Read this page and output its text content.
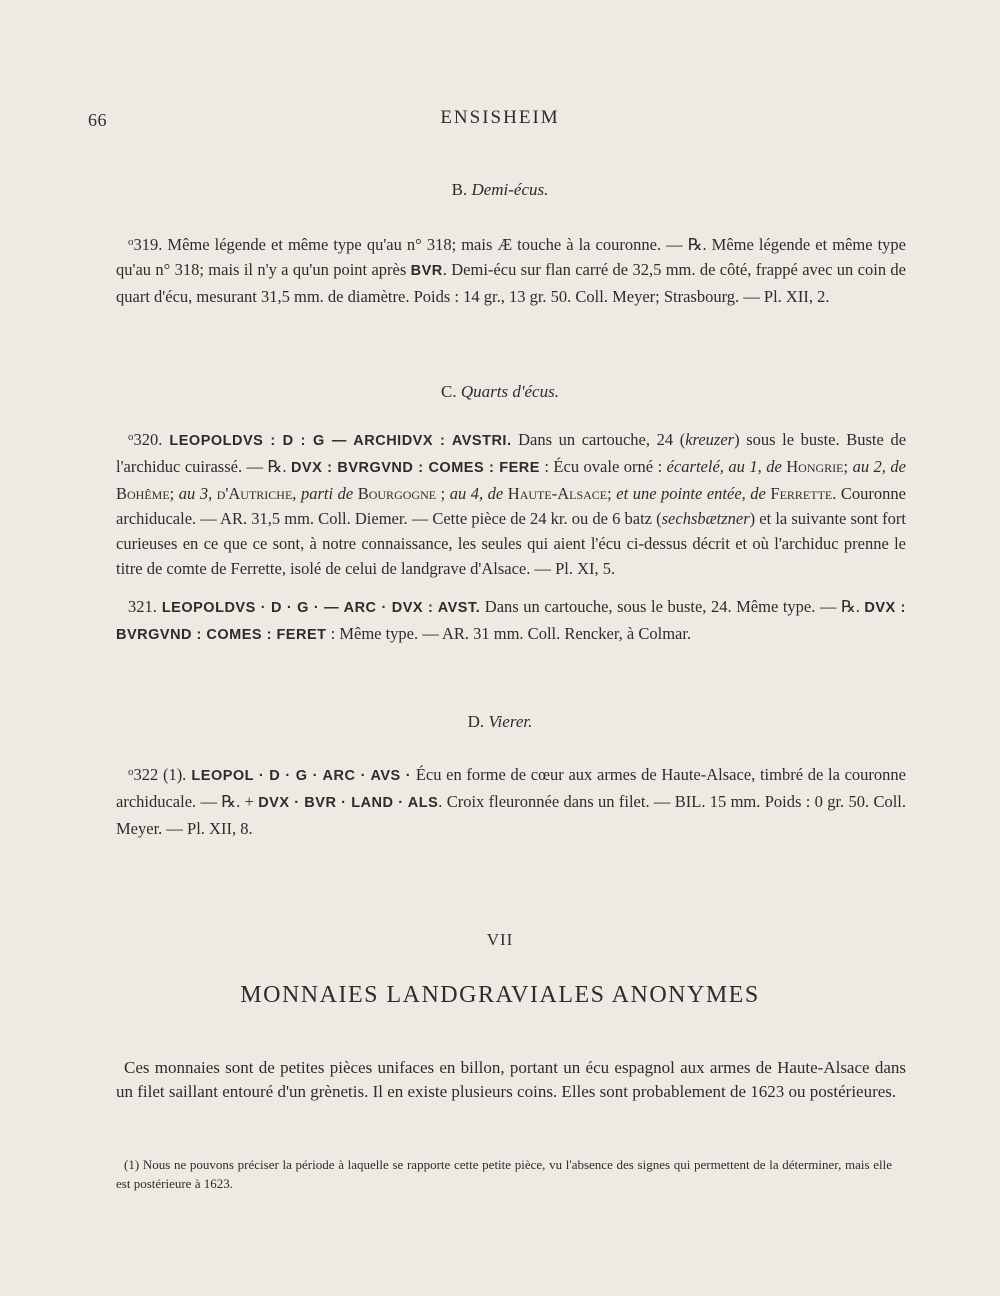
66	ENSISHEIM
B. Demi-écus.

$^o$319. Même légende et même type qu'au n° 318; mais Æ touche à la couronne. — ℞. Même légende et même type qu'au n° 318; mais il n'y a qu'un point après BVR. Demi-écu sur flan carré de 32,5 mm. de côté, frappé avec un coin de quart d'écu, mesurant 31,5 mm. de diamètre. Poids : 14 gr., 13 gr. 50. Coll. Meyer; Strasbourg. — Pl. XII, 2.

C. Quarts d'écus.

$^o$320. LEOPOLDVS : D : G — ARCHIDVX : AVSTRI. Dans un cartouche, 24 (kreuzer) sous le buste. Buste de l'archiduc cuirassé. — ℞. DVX : BVRGVND : COMES : FERE : Écu ovale orné : écartelé, au 1, de Hongrie; au 2, de Bohême; au 3, d'Autriche, parti de Bourgogne ; au 4, de Haute-Alsace; et une pointe entée, de Ferrette. Couronne archiducale. — AR. 31,5 mm. Coll. Diemer. — Cette pièce de 24 kr. ou de 6 batz (sechsbætzner) et la suivante sont fort curieuses en ce que ce sont, à notre connaissance, les seules qui aient l'écu ci-dessus décrit et où l'archiduc prenne le titre de comte de Ferrette, isolé de celui de landgrave d'Alsace. — Pl. XI, 5.

321. LEOPOLDVS · D · G · — ARC · DVX : AVST. Dans un cartouche, sous le buste, 24. Même type. — ℞. DVX : BVRGVND : COMES : FERET : Même type. — AR. 31 mm. Coll. Rencker, à Colmar.

D. Vierer.

$^o$322 (1). LEOPOL · D · G · ARC · AVS · Écu en forme de cœur aux armes de Haute-Alsace, timbré de la couronne archiducale. — ℞. + DVX · BVR · LAND · ALS. Croix fleuronnée dans un filet. — BIL. 15 mm. Poids : 0 gr. 50. Coll. Meyer. — Pl. XII, 8.

VII
MONNAIES LANDGRAVIALES ANONYMES

Ces monnaies sont de petites pièces unifaces en billon, portant un écu espagnol aux armes de Haute-Alsace dans un filet saillant entouré d'un grènetis. Il en existe plusieurs coins. Elles sont probablement de 1623 ou postérieures.

(1) Nous ne pouvons préciser la période à laquelle se rapporte cette petite pièce, vu l'absence des signes qui permettent de la déterminer, mais elle est postérieure à 1623.
